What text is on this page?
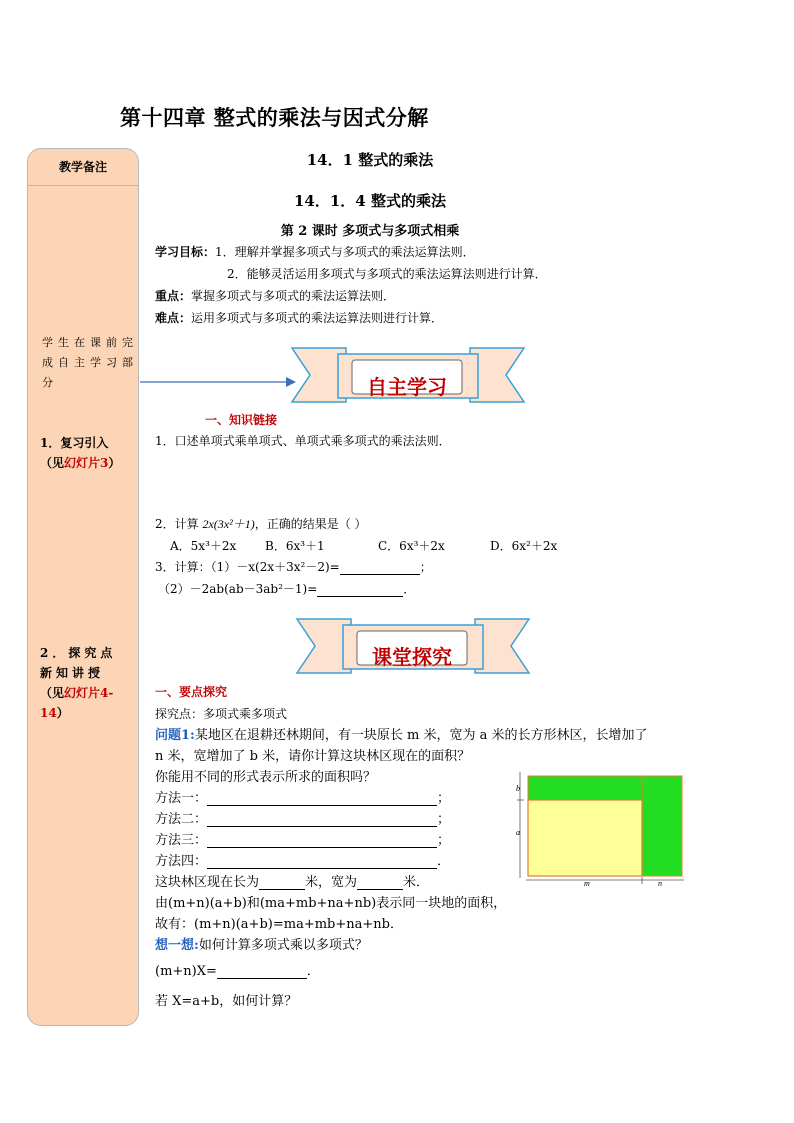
第十四章 整式的乘法与因式分解
教学备注
学生在课前完成自主学习部分
1．复习引入
（见幻灯片3）
2．探究点新知讲授
（见幻灯片4-14）
14．1 整式的乘法
14．1．4 整式的乘法
第 2 课时 多项式与多项式相乘
学习目标：1．理解并掌握多项式与多项式的乘法运算法则．
2．能够灵活运用多项式与多项式的乘法运算法则进行计算．
重点：掌握多项式与多项式的乘法运算法则．
难点：运用多项式与多项式的乘法运算法则进行计算．
自主学习
一、知识链接
1．口述单项式乘单项式、单项式乘多项式的乘法法则．
2．计算 2x(3x²＋1)，正确的结果是（ ）
A．5x³＋2x B．6x³＋1	C．6x³＋2x	D．6x²＋2x
3．计算：（1）－x(2x＋3x²－2)=	；
（2）－2ab(ab－3ab²－1)=	．
课堂探究
一、要点探究
探究点：多项式乘多项式
问题1:某地区在退耕还林期间，有一块原长 m 米，宽为 a 米的长方形林区，长增加了
n 米，宽增加了 b 米，请你计算这块林区现在的面积？
你能用不同的形式表示所求的面积吗？
方法一：	；
方法二：	；
方法三：	；
方法四：	．
这块林区现在长为	米，宽为	米．
由(m+n)(a+b)和(ma+mb+na+nb)表示同一块地的面积，
故有：(m+n)(a+b)=ma+mb+na+nb．
想一想:如何计算多项式乘以多项式？
(m+n)X=	．
若 X=a+b，如何计算？
b
a
m	n
